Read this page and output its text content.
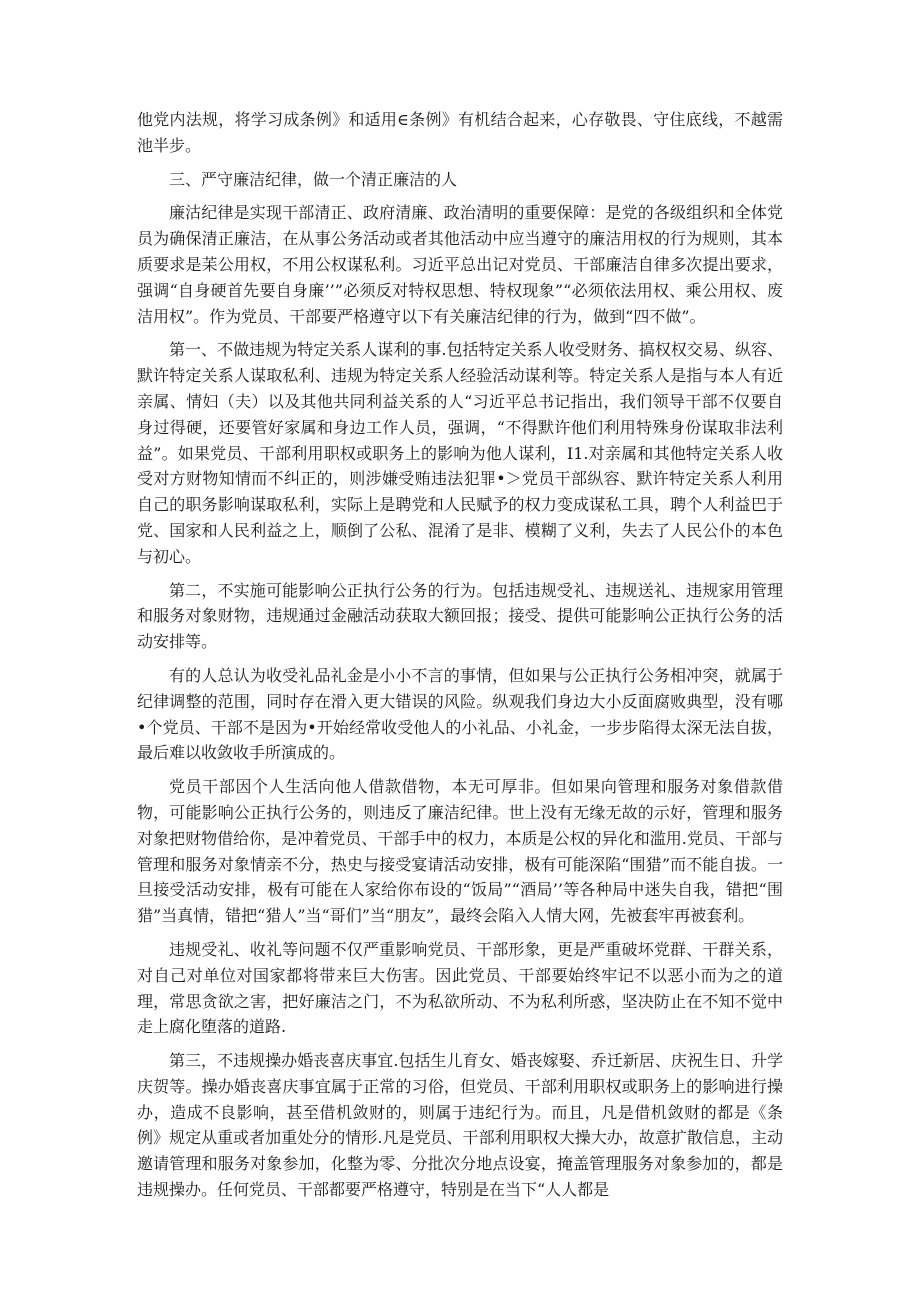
他党内法规，将学习成条例》和适用∈条例》有机结合起来，心存敬畏、守住底线，不越需池半步。

三、严守廉洁纪律，做一个清正廉洁的人

廉沽纪律是实现干部清正、政府清廉、政治清明的重要保障：是党的各级组织和全体党员为确保清正廉洁，在从事公务活动或者其他活动中应当遵守的廉洁用权的行为规则，其本质要求是苿公用权，不用公权谋私利。习近平总出记对党员、干部廉洁自律多次提出要求，强调“自身硬首先要自身廉’’”必须反对特权思想、特权现象”“必须依法用权、乘公用权、废洁用权”。作为党员、干部要严格遵守以下有关廉洁纪律的行为，做到“四不做”。

第一、不做违规为特定关系人谋利的事.包括特定关系人收受财务、搞权权交易、纵容、默许特定关系人谋取私利、违规为特定关系人经验活动谋利等。特定关系人是指与本人有近亲属、情妇（夫）以及其他共同利益关系的人“习近平总书记指出，我们领导干部不仅要自身过得硬，还要管好家属和身边工作人员，强调，“不得默许他们利用特殊身份谋取非法利益”。如果党员、干部利用职权或职务上的影响为他人谋利，I1.对亲属和其他特定关系人收受对方财物知情而不纠正的，则涉嫌受贿违法犯罪•＞党员干部纵容、默许特定关系人利用自己的职务影响谋取私利，实际上是聘党和人民赋予的权力变成谋私工具，聘个人利益巴于党、国家和人民利益之上，顺倒了公私、混淆了是非、模糊了义利，失去了人民公仆的本色与初心。

第二，不实施可能影响公正执行公务的行为。包括违规受礼、违规送礼、违规家用管理和服务对象财物，违规通过金融活动获取大额回报；接受、提供可能影响公正执行公务的活动安排等。

有的人总认为收受礼品礼金是小小不言的事情，但如果与公正执行公务相冲突，就属于纪律调整的范围，同时存在滑入更大错误的风险。纵观我们身边大小反面腐败典型，没有哪•个党员、干部不是因为•开始经常收受他人的小礼品、小礼金，一步步陷得太深无法自拔，最后难以收敛收手所演成的。

党员干部因个人生活向他人借款借物，本无可厚非。但如果向管理和服务对象借款借物，可能影响公正执行公务的，则违反了廉洁纪律。世上没有无缘无故的示好，管理和服务对象把财物借给你，是冲着党员、干部手中的权力，本质是公权的异化和滥用.党员、干部与管理和服务对象情亲不分，热史与接受宴请活动安排，极有可能深陷“围猎”而不能自拔。一旦接受活动安排，极有可能在人家给你布设的“饭局”“酒局’’等各种局中迷失自我，错把“围猎”当真情，错把“猎人”当“哥们”当“朋友”，最终会陷入人情大网，先被套牢再被套利。

违规受礼、收礼等问题不仅严重影响党员、干部形象，更是严重破坏党群、干群关系，对自己对单位对国家都将带来巨大伤害。因此党员、干部要始终牢记不以恶小而为之的道理，常思贪欲之害，把好廉洁之门，不为私欲所动、不为私利所惑，坚决防止在不知不觉中走上腐化堕落的道路.

第三，不违规操办婚丧喜庆事宜.包括生儿育女、婚丧嫁娶、乔迁新居、庆祝生日、升学庆贺等。操办婚丧喜庆事宜属于正常的习俗，但党员、干部利用职权或职务上的影响进行操办，造成不良影响，甚至借机敛财的，则属于违纪行为。而且，凡是借机敛财的都是《条例》规定从重或者加重处分的情形.凡是党员、干部利用职权大操大办，故意扩散信息，主动邀请管理和服务对象参加，化整为零、分批次分地点设宴，掩盖管理服务对象参加的，都是违规操办。任何党员、干部都要严格遵守，特别是在当下“人人都是
